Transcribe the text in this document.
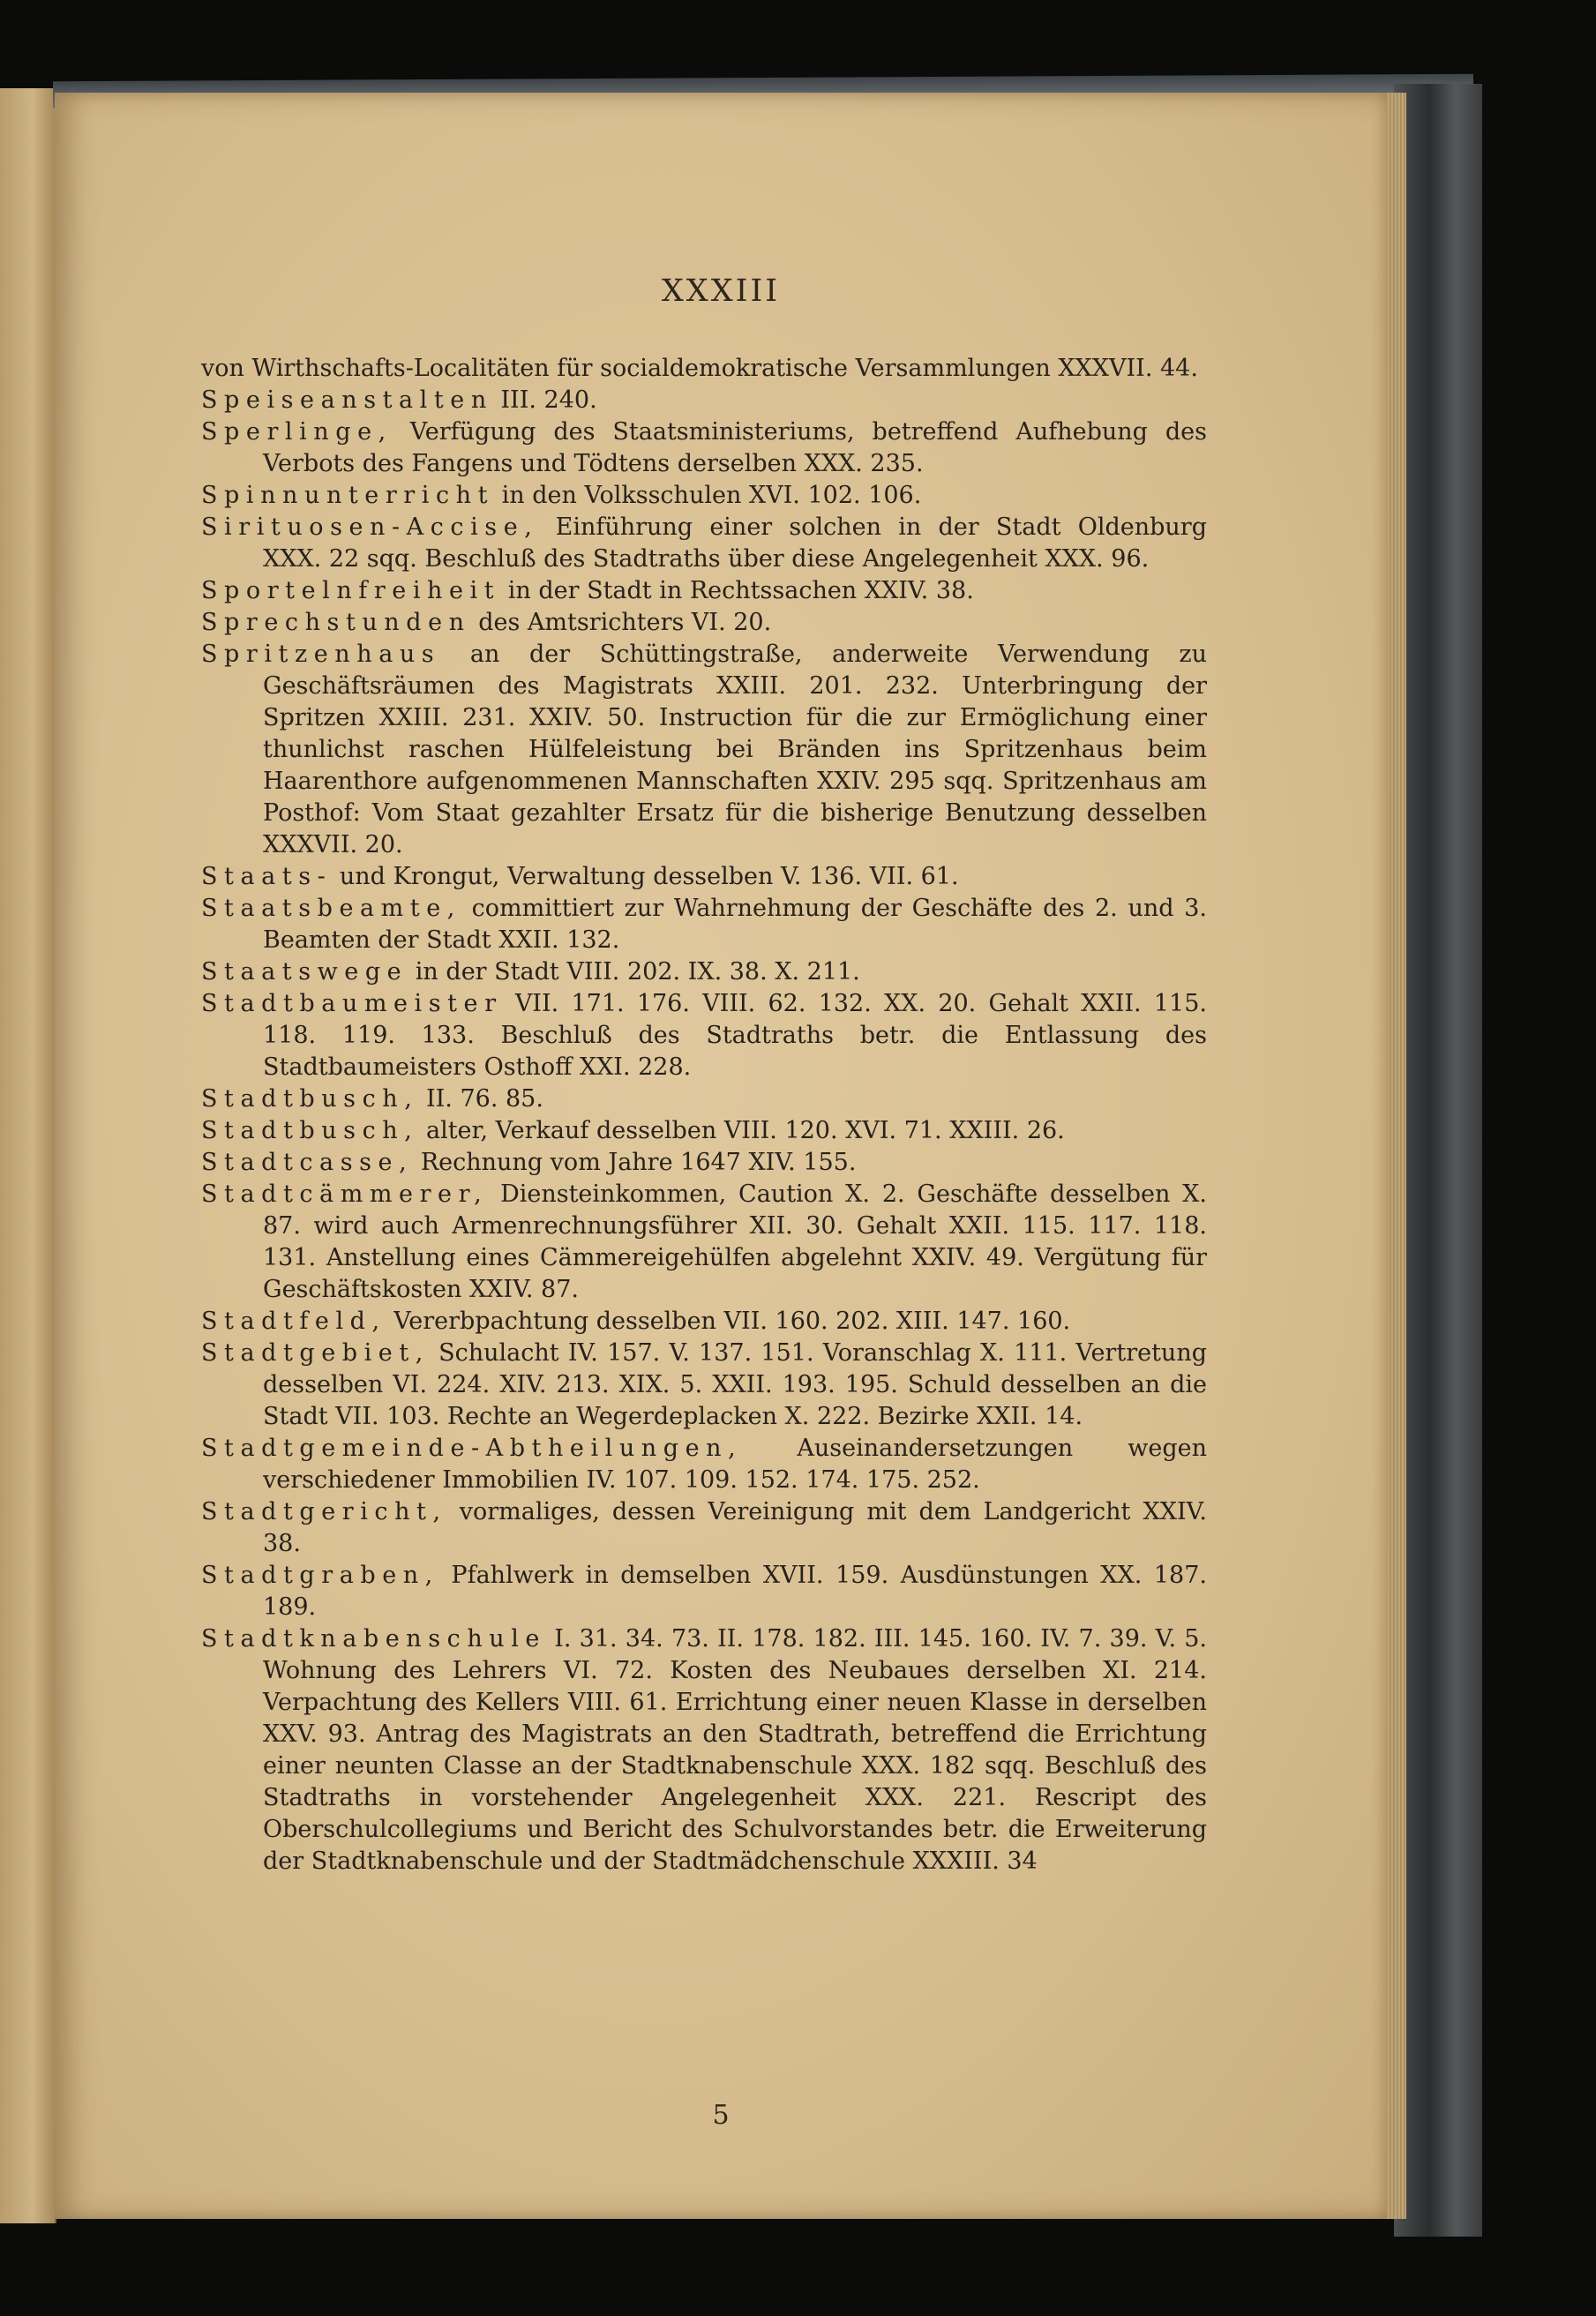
XXXIII
von Wirthschafts-Localitäten für socialdemokratische Versammlungen XXXVII. 44.
Speiseanstalten III. 240.
Sperlinge, Verfügung des Staatsministeriums, betreffend Aufhebung des Verbots des Fangens und Tödtens derselben XXX. 235.
Spinnunterricht in den Volksschulen XVI. 102. 106.
Sirituosen-Accise, Einführung einer solchen in der Stadt Oldenburg XXX. 22 sqq. Beschluß des Stadtraths über diese Angelegenheit XXX. 96.
Sportelnfreiheit in der Stadt in Rechtssachen XXIV. 38.
Sprechstunden des Amtsrichters VI. 20.
Spritzenhaus an der Schüttingstraße, anderweite Verwendung zu Geschäftsräumen des Magistrats XXIII. 201. 232. Unterbringung der Spritzen XXIII. 231. XXIV. 50. Instruction für die zur Ermöglichung einer thunlichst raschen Hülfeleistung bei Bränden ins Spritzenhaus beim Haarenthore aufgenommenen Mannschaften XXIV. 295 sqq. Spritzenhaus am Posthof: Vom Staat gezahlter Ersatz für die bisherige Benutzung desselben XXXVII. 20.
Staats- und Krongut, Verwaltung desselben V. 136. VII. 61.
Staatsbeamte, committiert zur Wahrnehmung der Geschäfte des 2. und 3. Beamten der Stadt XXII. 132.
Staatswege in der Stadt VIII. 202. IX. 38. X. 211.
Stadtbaumeister VII. 171. 176. VIII. 62. 132. XX. 20. Gehalt XXII. 115. 118. 119. 133. Beschluß des Stadtraths betr. die Entlassung des Stadtbaumeisters Osthoff XXI. 228.
Stadtbusch, II. 76. 85.
Stadtbusch, alter, Verkauf desselben VIII. 120. XVI. 71. XXIII. 26.
Stadtcasse, Rechnung vom Jahre 1647 XIV. 155.
Stadtcämmerer, Diensteinkommen, Caution X. 2. Geschäfte desselben X. 87. wird auch Armenrechnungsführer XII. 30. Gehalt XXII. 115. 117. 118. 131. Anstellung eines Cämmereigehülfen abgelehnt XXIV. 49. Vergütung für Geschäftskosten XXIV. 87.
Stadtfeld, Vererbpachtung desselben VII. 160. 202. XIII. 147. 160.
Stadtgebiet, Schulacht IV. 157. V. 137. 151. Voranschlag X. 111. Vertretung desselben VI. 224. XIV. 213. XIX. 5. XXII. 193. 195. Schuld desselben an die Stadt VII. 103. Rechte an Wegerdeplacken X. 222. Bezirke XXII. 14.
Stadtgemeinde-Abtheilungen, Auseinandersetzungen wegen verschiedener Immobilien IV. 107. 109. 152. 174. 175. 252.
Stadtgericht, vormaliges, dessen Vereinigung mit dem Landgericht XXIV. 38.
Stadtgraben, Pfahlwerk in demselben XVII. 159. Ausdünstungen XX. 187. 189.
Stadtknabenschule I. 31. 34. 73. II. 178. 182. III. 145. 160. IV. 7. 39. V. 5. Wohnung des Lehrers VI. 72. Kosten des Neubaues derselben XI. 214. Verpachtung des Kellers VIII. 61. Errichtung einer neuen Klasse in derselben XXV. 93. Antrag des Magistrats an den Stadtrath, betreffend die Errichtung einer neunten Classe an der Stadtknabenschule XXX. 182 sqq. Beschluß des Stadtraths in vorstehender Angelegenheit XXX. 221. Rescript des Oberschulcollegiums und Bericht des Schulvorstandes betr. die Erweiterung der Stadtknabenschule und der Stadtmädchenschule XXXIII. 34
5
